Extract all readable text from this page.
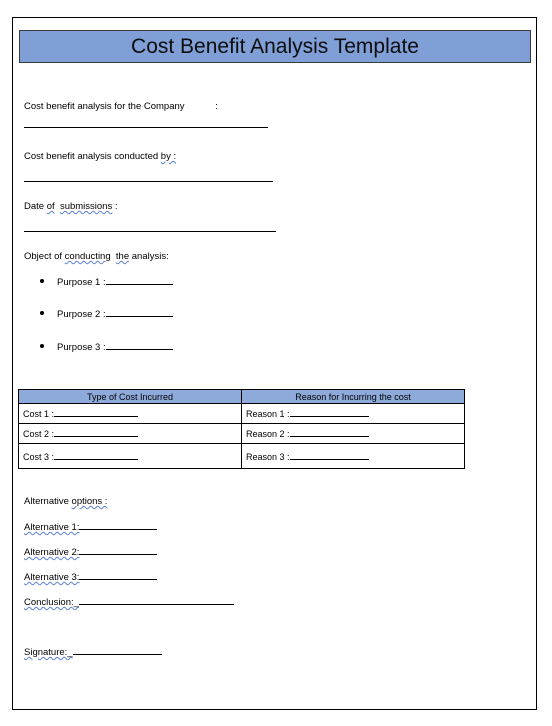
Cost Benefit Analysis Template
Cost benefit analysis for the Company	:
Cost benefit analysis conducted by :
Date of submissions :
Object of conducting the analysis:
Purpose 1 :
Purpose 2 :
Purpose 3 :
Type of Cost Incurred	Reason for Incurring the cost
Cost 1 :	Reason 1 :
Cost 2 :	Reason 2 :
Cost 3 :	Reason 3 :
Alternative options :
Alternative 1:
Alternative 2:
Alternative 3:
Conclusion:_
Signature:_
